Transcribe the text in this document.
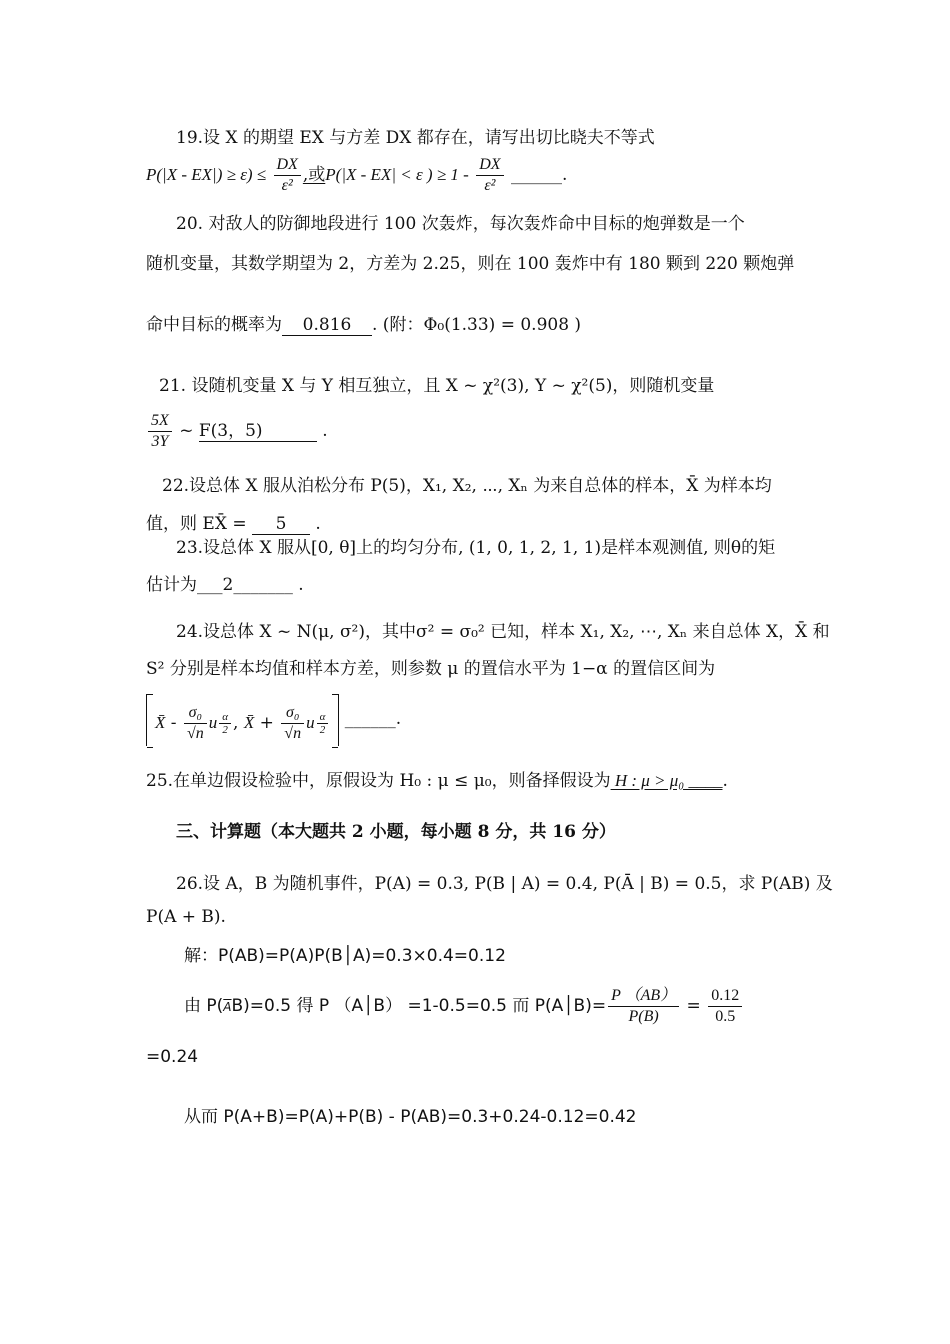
19.设 X 的期望 EX 与方差 DX 都存在，请写出切比晓夫不等式
$P(|X - EX|) \ge \varepsilon) \le \frac{DX}{\text{ε²}}$ ,或P(|X - EX| < ε ) ≥ $1 - \frac{DX}{\text{ε²}}$ ______.
20. 对敌人的防御地段进行 100 次轰炸，每次轰炸命中目标的炮弹数是一个
随机变量，其数学期望为 2，方差为 2.25，则在 100 轰炸中有 180 颗到 220 颗炮弹
命中目标的概率为0.816. (附：Φ₀(1.33) = 0.908 )
21. 设随机变量 X 与 Y 相互独立，且 X ~ χ²(3), Y ~ χ²(5)，则随机变量
$\frac{5X}{3Y}$ ~ F(3，5)	.
22.设总体 X 服从泊松分布 P(5)，X₁, X₂, ⋯, Xₙ 为来自总体的样本，X̄ 为样本均
值，则 EX̄ = 5 .
23.设总体 X 服从[0, θ]上的均匀分布, (1, 0, 1, 2, 1, 1)是样本观测值, 则θ的矩
估计为___2_______ .
24.设总体 X ~ N(μ, σ²)，其中σ² = σ₀² 已知，样本 X₁, X₂, ⋯, Xₙ 来自总体 X，X̄ 和
S² 分别是样本均值和样本方差，则参数 μ 的置信水平为 1−α 的置信区间为
X̄ - $\frac{\text{σ₀}}{√n}$ u $\frac{\alpha}{2}$ , X̄ + $\frac{\text{σ₀}}{√n}$ u $\frac{\alpha}{2}$ ______.
25.在单边假设检验中，原假设为 H₀ : μ ≤ μ₀，则备择假设为 H : μ > μ₀ ____.
三、计算题（本大题共 2 小题，每小题 8 分，共 16 分）
26.设 A，B 为随机事件，P(A) = 0.3, P(B | A) = 0.4, P(Ā | B) = 0.5，求 P(AB) 及
P(A + B).
解：P(AB)=P(A)P(B│A)=0.3×0.4=0.12
由 $P(\overline{A}B)=0.5$ 得 P （A│B） =1-0.5=0.5 而 P(A│B)= $\frac{P (AB)}{P(B)} = \frac{0.12}{0.5}$
=0.24
从而 P(A+B)=P(A)+P(B) - P(AB)=0.3+0.24-0.12=0.42
